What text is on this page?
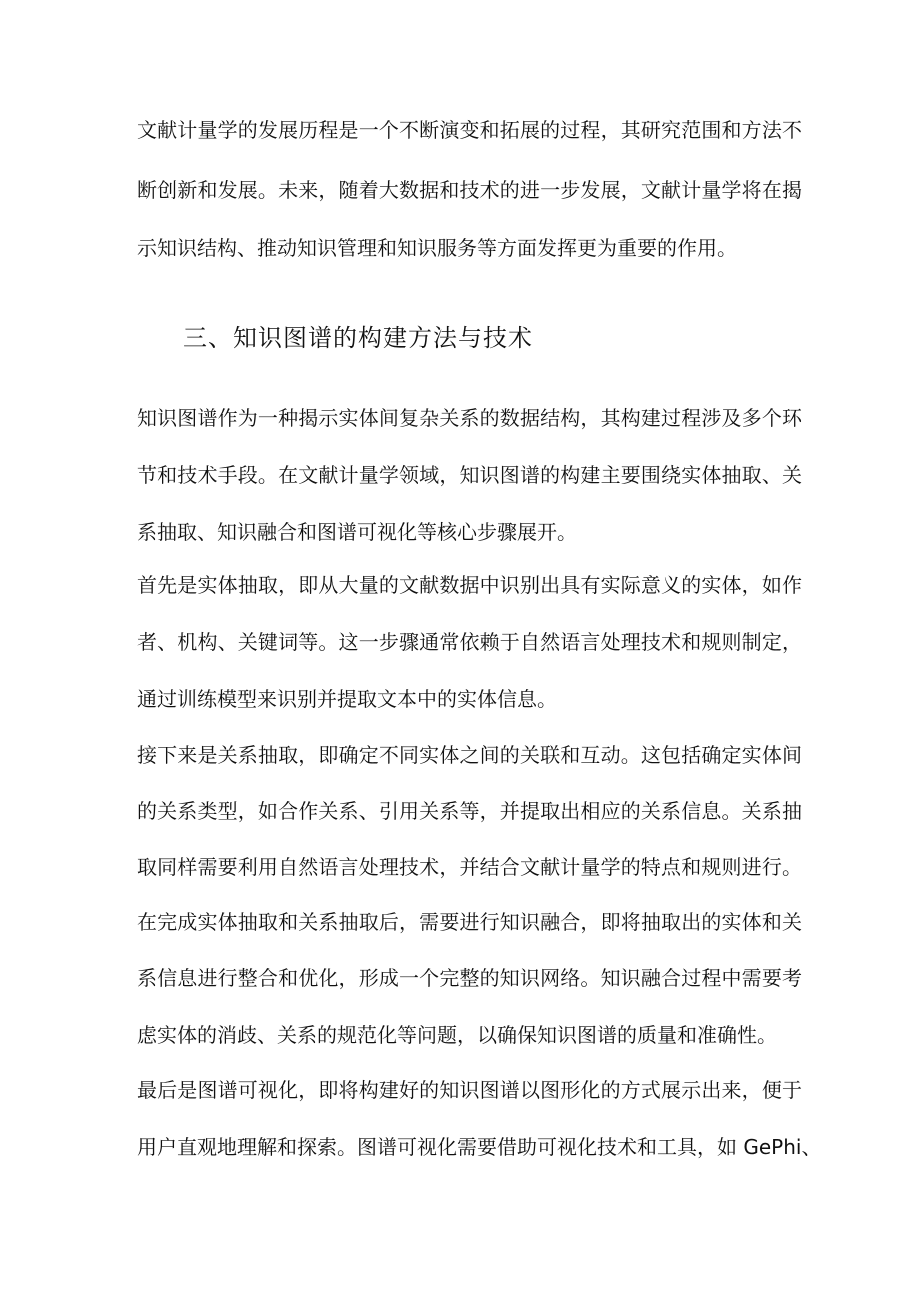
文献计量学的发展历程是一个不断演变和拓展的过程，其研究范围和方法不
断创新和发展。未来，随着大数据和技术的进一步发展，文献计量学将在揭
示知识结构、推动知识管理和知识服务等方面发挥更为重要的作用。
三、知识图谱的构建方法与技术
知识图谱作为一种揭示实体间复杂关系的数据结构，其构建过程涉及多个环
节和技术手段。在文献计量学领域，知识图谱的构建主要围绕实体抽取、关
系抽取、知识融合和图谱可视化等核心步骤展开。
首先是实体抽取，即从大量的文献数据中识别出具有实际意义的实体，如作
者、机构、关键词等。这一步骤通常依赖于自然语言处理技术和规则制定，
通过训练模型来识别并提取文本中的实体信息。
接下来是关系抽取，即确定不同实体之间的关联和互动。这包括确定实体间
的关系类型，如合作关系、引用关系等，并提取出相应的关系信息。关系抽
取同样需要利用自然语言处理技术，并结合文献计量学的特点和规则进行。
在完成实体抽取和关系抽取后，需要进行知识融合，即将抽取出的实体和关
系信息进行整合和优化，形成一个完整的知识网络。知识融合过程中需要考
虑实体的消歧、关系的规范化等问题，以确保知识图谱的质量和准确性。
最后是图谱可视化，即将构建好的知识图谱以图形化的方式展示出来，便于
用户直观地理解和探索。图谱可视化需要借助可视化技术和工具，如 GePhi、
